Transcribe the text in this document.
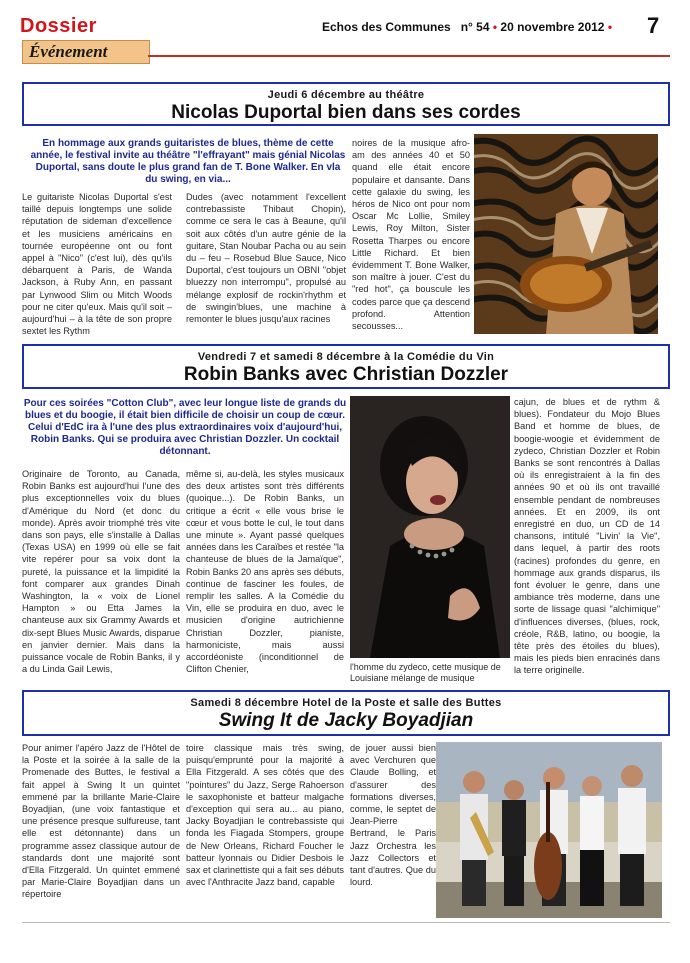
Dossier	Echos des Communes n° 54 • 20 novembre 2012 • 7
Événement
Jeudi 6 décembre au théâtre
Nicolas Duportal bien dans ses cordes
En hommage aux grands guitaristes de blues, thème de cette année, le festival invite au théâtre "l'effrayant" mais génial Nicolas Duportal, sans doute le plus grand fan de T. Bone Walker. En vla du swing, en via...
Le guitariste Nicolas Duportal s'est taillé depuis longtemps une solide réputation de sideman d'excellence et les musiciens américains en tournée européenne ont ou font appel à "Nico" (c'est lui), dès qu'ils débarquent à Paris, de Wanda Jackson, à Ruby Ann, en passant par Lynwood Slim ou Mitch Woods pour ne citer qu'eux. Mais qu'il soit – aujourd'hui – à la tête de son propre sextet les Rythm
Dudes (avec notamment l'excellent contrebassiste Thibaut Chopin), comme ce sera le cas à Beaune, qu'il soit aux côtés d'un autre génie de la guitare, Stan Noubar Pacha ou au sein du – feu – Rosebud Blue Sauce, Nico Duportal, c'est toujours un OBNI "objet bluezzy non interrompu", propulsé au mélange explosif de rockin'rhythm et de swingin'blues, une machine à remonter le blues jusqu'aux racines
noires de la musique afro-am des années 40 et 50 quand elle était encore populaire et dansante. Dans cette galaxie du swing, les héros de Nico ont pour nom Oscar Mc Lollie, Smiley Lewis, Roy Milton, Sister Rosetta Tharpes ou encore Little Richard. Et bien évidemment T. Bone Walker, son maître à jouer. C'est du "red hot", ça bouscule les codes parce que ça descend profond. Attention secousses...
Vendredi 7 et samedi 8 décembre à la Comédie du Vin
Robin Banks avec Christian Dozzler
Pour ces soirées "Cotton Club", avec leur longue liste de grands du blues et du boogie, il était bien difficile de choisir un coup de cœur. Celui d'EdC ira à l'une des plus extraordinaires voix d'aujourd'hui, Robin Banks. Qui se produira avec Christian Dozzler. Un cocktail détonnant.
Originaire de Toronto, au Canada, Robin Banks est aujourd'hui l'une des plus exceptionnelles voix du blues d'Amérique du Nord (et donc du monde). Après avoir triomphé très vite dans son pays, elle s'installe à Dallas (Texas USA) en 1999 où elle se fait vite repérer pour sa voix dont la pureté, la puissance et la limpidité la font comparer aux grandes Dinah Washington, la « voix de Lionel Hampton » ou Etta James la chanteuse aux six Grammy Awards et dix-sept Blues Music Awards, disparue en janvier dernier. Mais dans la puissance vocale de Robin Banks, il y a du Linda Gail Lewis,
même si, au-delà, les styles musicaux des deux artistes sont très différents (quoique...). De Robin Banks, un critique a écrit « elle vous brise le cœur et vous botte le cul, le tout dans une minute ». Ayant passé quelques années dans les Caraïbes et restée "la chanteuse de blues de la Jamaïque", Robin Banks 20 ans après ses débuts, continue de fasciner les foules, de remplir les salles. A la Comédie du Vin, elle se produira en duo, avec le musicien d'origine autrichienne Christian Dozzler, pianiste, harmoniciste, mais aussi accordéoniste (inconditionnel de Clifton Chenier,	l'homme du zydeco, cette musique de Louisiane mélange de musique
cajun, de blues et de rythm & blues). Fondateur du Mojo Blues Band et homme de blues, de boogie-woogie et évidemment de zydeco, Christian Dozzler et Robin Banks se sont rencontrés à Dallas où ils enregistraient à la fin des années 90 et où ils ont travaillé ensemble pendant de nombreuses années. Et en 2009, ils ont enregistré en duo, un CD de 14 chansons, intitulé "Livin' la Vie", dans lequel, à partir des roots (racines) profondes du genre, en hommage aux grands disparus, ils font évoluer le genre, dans une ambiance très moderne, dans une sorte de lissage quasi "alchimique" d'influences diverses, (blues, rock, créole, R&B, latino, ou boogie, la tête près des étoiles du blues), mais les pieds bien enracinés dans la terre originelle.
Samedi 8 décembre Hotel de la Poste et salle des Buttes
Swing It de Jacky Boyadjian
Pour animer l'apéro Jazz de l'Hôtel de la Poste et la soirée à la salle de la Promenade des Buttes, le festival a fait appel à Swing It un quintet emmené par la brillante Marie-Claire Boyadjian, (une voix fantastique et une présence presque sulfureuse, tant elle est détonnante) dans un programme assez classique autour de standards dont une majorité sont d'Ella Fitzgerald. Un quintet emmené par Marie-Claire Boyadjian dans un répertoire
toire classique mais très swing, puisqu'emprunté pour la majorité à Ella Fitzgerald. A ses côtés que des "pointures" du Jazz, Serge Rahoerson le saxophoniste et batteur malgache d'exception qui sera au... au piano, Jacky Boyadjian le contrebassiste qui fonda les Fiagada Stompers, groupe de New Orleans, Richard Foucher le batteur lyonnais ou Didier Desbois le sax et clarinettiste qui a fait ses débuts avec l'Anthracite Jazz band, capable
de jouer aussi bien avec Verchuren que Claude Bolling, et d'assurer des formations diverses, comme, le septet de Jean-Pierre Bertrand, le Paris Jazz Orchestra les Jazz Collectors et tant d'autres. Que du lourd.
